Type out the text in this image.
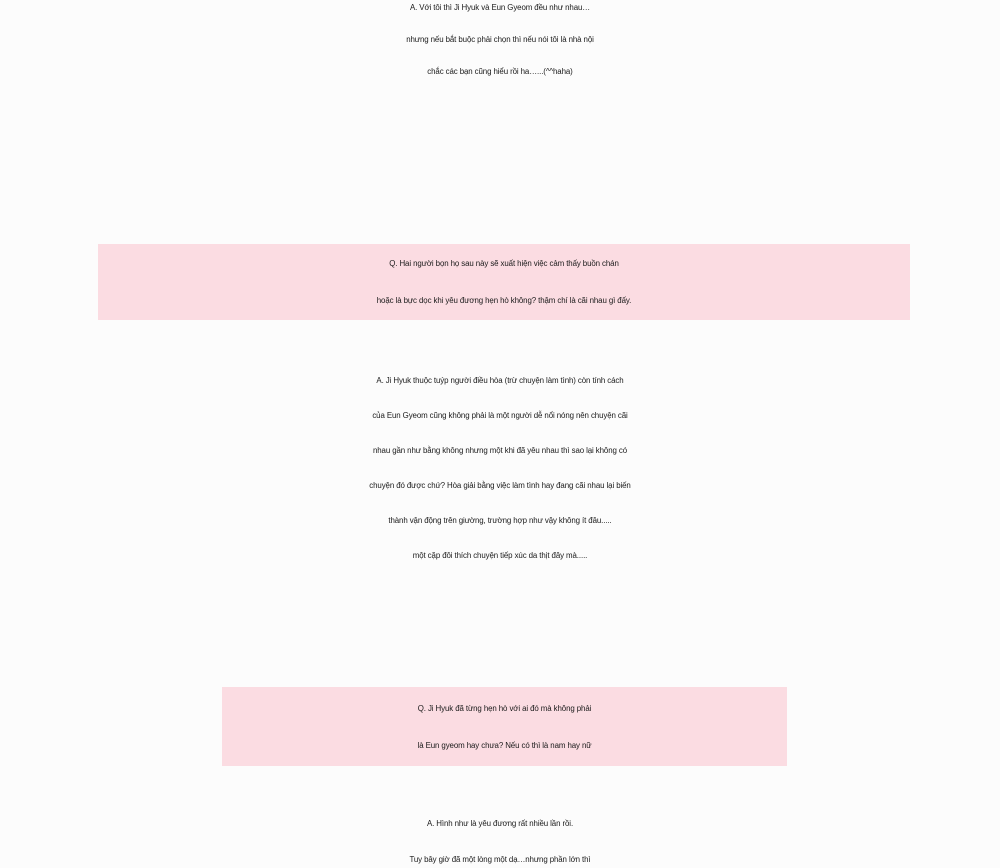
A. Với tôi thì Ji Hyuk và Eun Gyeom đều như nhau…
nhưng nếu bắt buộc phải chọn thì nếu nói tôi là nhà nội
chắc các bạn cũng hiểu rồi ha…...(^^haha)
Q. Hai người bọn họ sau này sẽ xuất hiện việc cảm thấy buồn chán
hoặc là bực dọc khi yêu đương hẹn hò không? thậm chí là cãi nhau gì đấy.
A. Ji Hyuk thuộc tuýp người điều hòa (trừ chuyện làm tình) còn tính cách
của Eun Gyeom cũng không phải là một người dễ nổi nóng nên chuyện cãi
nhau gần như bằng không nhưng một khi đã yêu nhau thì sao lại không có
chuyện đó được chứ? Hòa giải bằng việc làm tình hay đang cãi nhau lại biến
thành vận động trên giường, trường hợp như vậy không ít đâu.....
một cặp đôi thích chuyện tiếp xúc da thịt đây mà.....
Q. Ji Hyuk đã từng hẹn hò với ai đó mà không phải
là Eun gyeom hay chưa? Nếu có thì là nam hay nữ
A. Hình như là yêu đương rất nhiều lần rồi.
Tuy bây giờ đã một lòng một dạ…nhưng phần lớn thì
